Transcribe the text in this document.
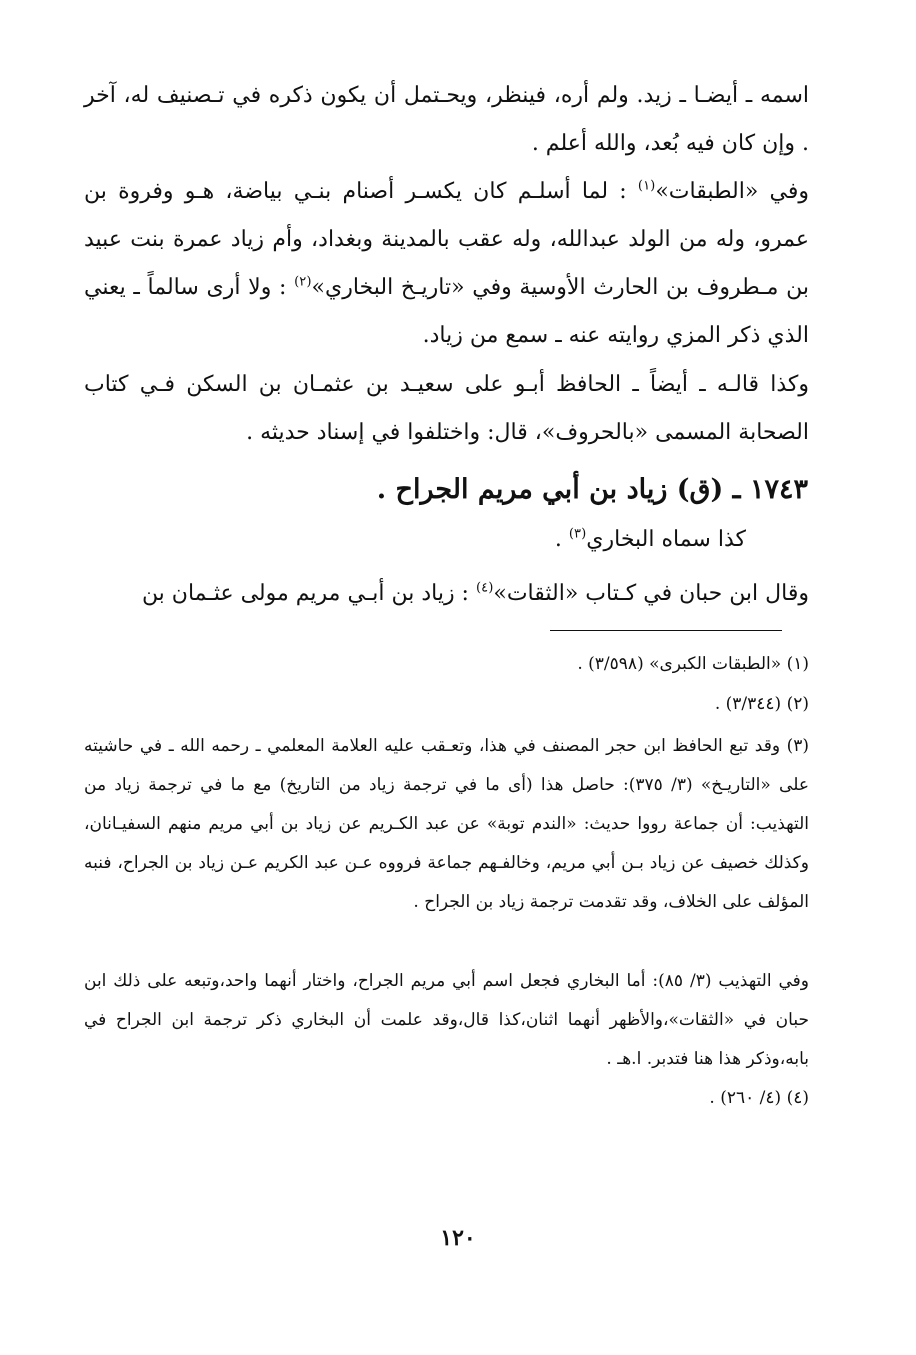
اسمه ـ أيضـا ـ زيد. ولم أره، فينظر، ويحـتمل أن يكون ذكره في تـصنيف له، آخر . وإن كان فيه بُعد، والله أعلم .

وفي «الطبقات»$^{(١)}$ : لما أسلـم كان يكسـر أصنام بنـي بياضة، هـو وفروة بن عمرو، وله من الولد عبدالله، وله عقب بالمدينة وبغداد، وأم زياد عمرة بنت عبيد بن مـطروف بن الحارث الأوسية وفي «تاريـخ البخاري»$^{(٢)}$ : ولا أرى سالماً ـ يعني الذي ذكر المزي روايته عنه ـ سمع من زياد.

وكذا قالـه ـ أيضاً ـ الحافظ أبـو على سعيـد بن عثمـان بن السكن فـي كتاب الصحابة المسمى «بالحروف»، قال: واختلفوا في إسناد حديثه .

١٧٤٣ ـ (ق) زياد بن أبي مريم الجراح .

كذا سماه البخاري$^{(٣)}$ .

وقال ابن حبان في كـتاب «الثقات»$^{(٤)}$ : زياد بن أبـي مريم مولى عثـمان بن

(١) «الطبقات الكبرى» (٣/٥٩٨) .

(٢) (٣/٣٤٤) .

(٣) وقد تبع الحافظ ابن حجر المصنف في هذا، وتعـقب عليه العلامة المعلمي ـ رحمه الله ـ في حاشيته على «التاريـخ» (٣/ ٣٧٥): حاصل هذا (أى ما في ترجمة زياد من التاريخ) مع ما في ترجمة زياد من التهذيب: أن جماعة رووا حديث: «الندم توبة» عن عبد الكـريم عن زياد بن أبي مريم منهم السفيـانان، وكذلك خصيف عن زياد بـن أبي مريم، وخالفـهم جماعة فرووه عـن عبد الكريم عـن زياد بن الجراح، فنبه المؤلف على الخلاف، وقد تقدمت ترجمة زياد بن الجراح .

وفي التهذيب (٣/ ٨٥): أما البخاري فجعل اسم أبي مريم الجراح، واختار أنهما واحد،وتبعه على ذلك ابن حبان في «الثقات»،والأظهر أنهما اثنان،كذا قال،وقد علمت أن البخاري ذكر ترجمة ابن الجراح في بابه،وذكر هذا هنا فتدبر. ا.هـ .

(٤) (٤/ ٢٦٠) .

١٢٠
